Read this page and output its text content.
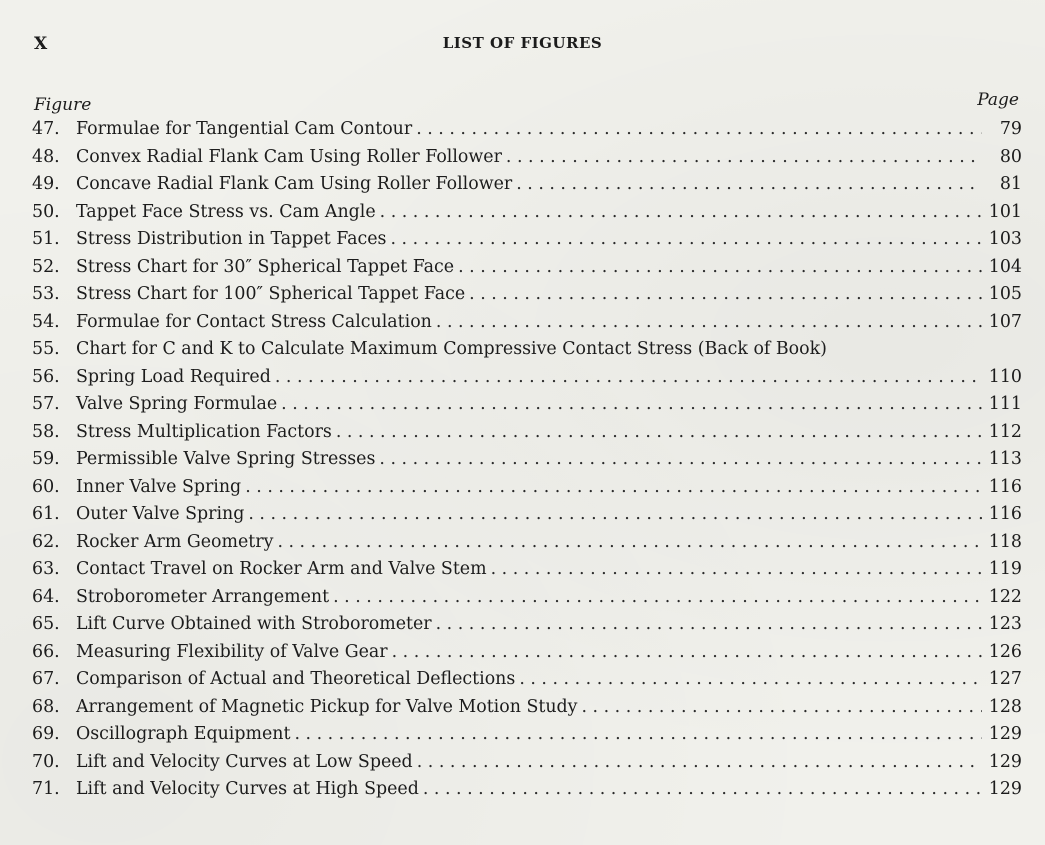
X	LIST OF FIGURES
Figure	Page
47. Formulae for Tangential Cam Contour . . .	79
48. Convex Radial Flank Cam Using Roller Follower . . .	80
49. Concave Radial Flank Cam Using Roller Follower . . .	81
50. Tappet Face Stress vs. Cam Angle . . .	101
51. Stress Distribution in Tappet Faces . . .	103
52. Stress Chart for 30″ Spherical Tappet Face . . .	104
53. Stress Chart for 100″ Spherical Tappet Face . . .	105
54. Formulae for Contact Stress Calculation . . .	107
55. Chart for C and K to Calculate Maximum Compressive Contact Stress (Back of Book)
56. Spring Load Required . . .	110
57. Valve Spring Formulae . . .	111
58. Stress Multiplication Factors . . .	112
59. Permissible Valve Spring Stresses . . .	113
60. Inner Valve Spring . . .	116
61. Outer Valve Spring . . .	116
62. Rocker Arm Geometry . . .	118
63. Contact Travel on Rocker Arm and Valve Stem . . .	119
64. Stroborometer Arrangement . . .	122
65. Lift Curve Obtained with Stroborometer . . .	123
66. Measuring Flexibility of Valve Gear . . .	126
67. Comparison of Actual and Theoretical Deflections . . .	127
68. Arrangement of Magnetic Pickup for Valve Motion Study . . .	128
69. Oscillograph Equipment . . .	129
70. Lift and Velocity Curves at Low Speed . . .	129
71. Lift and Velocity Curves at High Speed . . .	129
